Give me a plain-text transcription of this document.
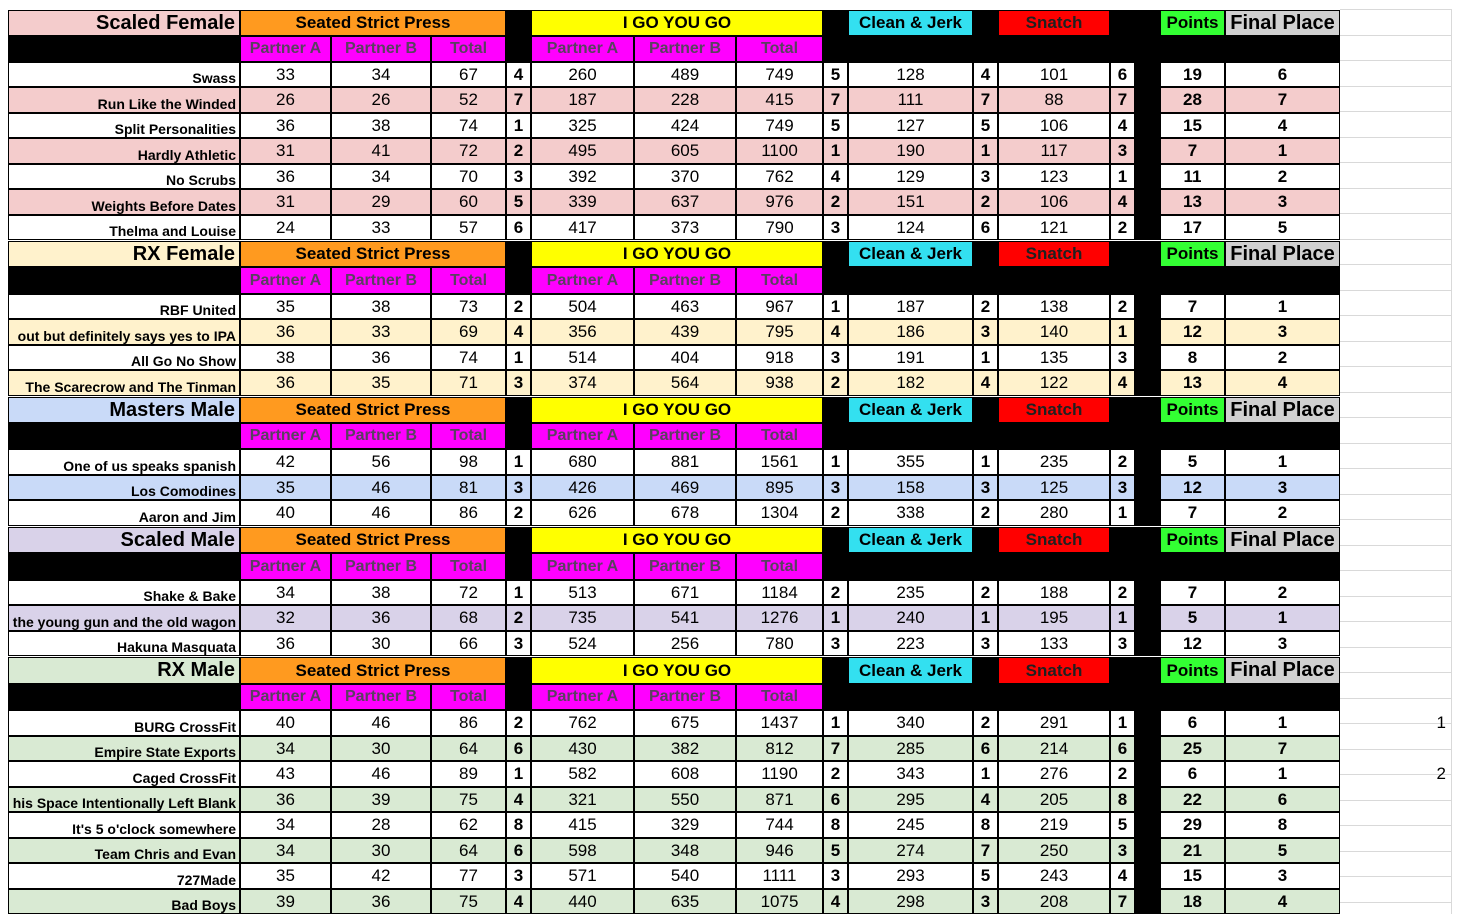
Scaled Female	Seated Strict Press	I GO YOU GO	Clean & Jerk	Snatch	Points Final Place
Partner A	Partner B	Total	Partner A	Partner B	Total
Swass	33	34	67	4	260	489	749	5	128	4	101	6	19	6
Run Like the Winded	26	26	52	7	187	228	415	7	111	7	88	7	28	7
Split Personalities	36	38	74	1	325	424	749	5	127	5	106	4	15	4
Hardly Athletic	31	41	72	2	495	605	1100	1	190	1	117	3	7	1
No Scrubs	36	34	70	3	392	370	762	4	129	3	123	1	11	2
Weights Before Dates	31	29	60	5	339	637	976	2	151	2	106	4	13	3
Thelma and Louise	24	33	57	6	417	373	790	3	124	6	121	2	17	5
RX Female	Seated Strict Press	I GO YOU GO	Clean & Jerk	Snatch	Points Final Place
Partner A	Partner B	Total	Partner A	Partner B	Total
RBF United	35	38	73	2	504	463	967	1	187	2	138	2	7	1
out but definitely says yes to IPA	36	33	69	4	356	439	795	4	186	3	140	1	12	3
All Go No Show	38	36	74	1	514	404	918	3	191	1	135	3	8	2
The Scarecrow and The Tinman	36	35	71	3	374	564	938	2	182	4	122	4	13	4
Masters Male	Seated Strict Press	I GO YOU GO	Clean & Jerk	Snatch	Points Final Place
Partner A	Partner B	Total	Partner A	Partner B	Total
One of us speaks spanish	42	56	98	1	680	881	1561	1	355	1	235	2	5	1
Los Comodines	35	46	81	3	426	469	895	3	158	3	125	3	12	3
Aaron and Jim	40	46	86	2	626	678	1304	2	338	2	280	1	7	2
Scaled Male	Seated Strict Press	I GO YOU GO	Clean & Jerk	Snatch	Points Final Place
Partner A	Partner B	Total	Partner A	Partner B	Total
Shake & Bake	34	38	72	1	513	671	1184	2	235	2	188	2	7	2
the young gun and the old wagon	32	36	68	2	735	541	1276	1	240	1	195	1	5	1
Hakuna Masquata	36	30	66	3	524	256	780	3	223	3	133	3	12	3
RX Male	Seated Strict Press	I GO YOU GO	Clean & Jerk	Snatch	Points Final Place
Partner A	Partner B	Total	Partner A	Partner B	Total
BURG CrossFit	40	46	86	2	762	675	1437	1	340	2	291	1	6	1	1
Empire State Exports	34	30	64	6	430	382	812	7	285	6	214	6	25	7
Caged CrossFit	43	46	89	1	582	608	1190	2	343	1	276	2	6	1	2
his Space Intentionally Left Blank	36	39	75	4	321	550	871	6	295	4	205	8	22	6
It's 5 o'clock somewhere	34	28	62	8	415	329	744	8	245	8	219	5	29	8
Team Chris and Evan	34	30	64	6	598	348	946	5	274	7	250	3	21	5
727Made	35	42	77	3	571	540	1111	3	293	5	243	4	15	3
Bad Boys	39	36	75	4	440	635	1075	4	298	3	208	7	18	4
